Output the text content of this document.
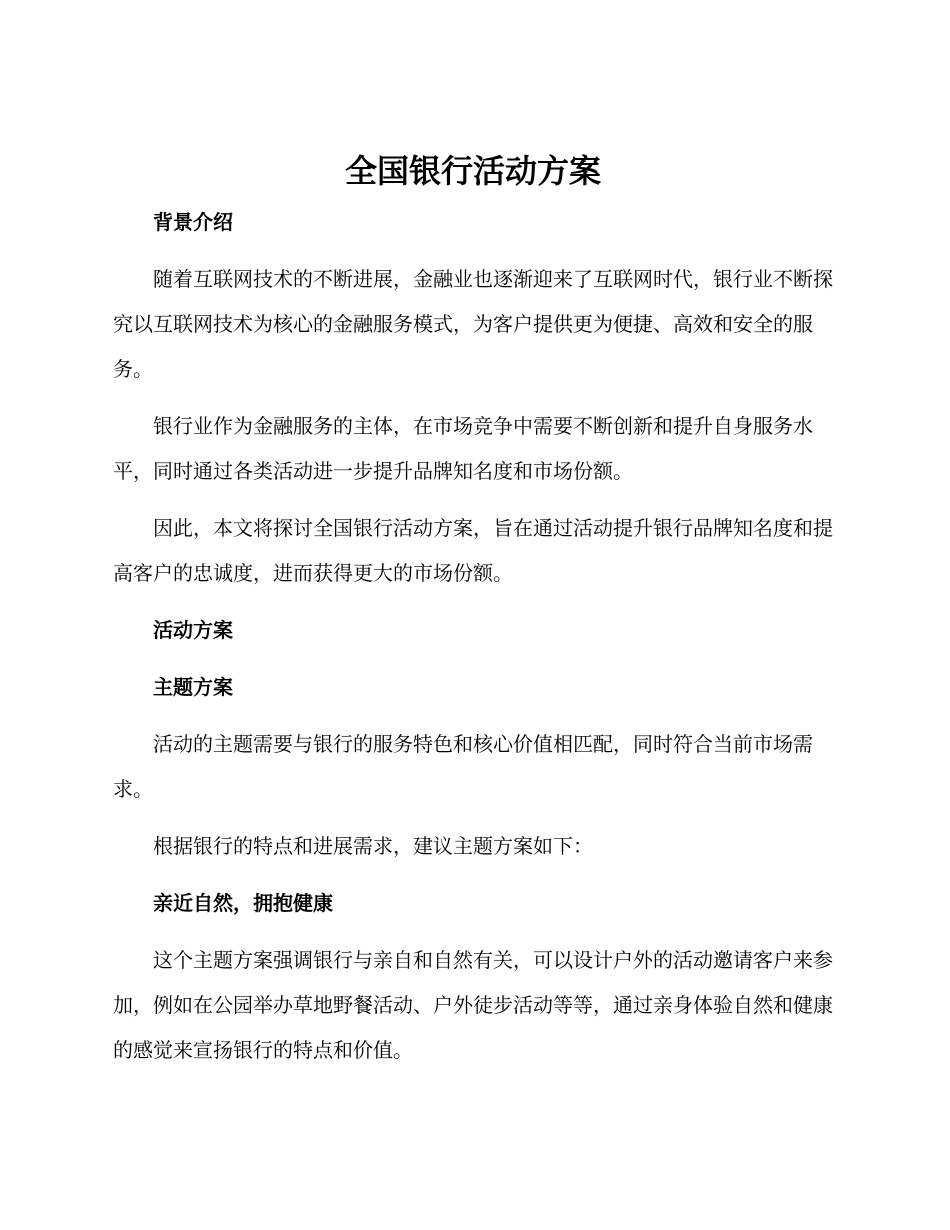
全国银行活动方案

背景介绍

随着互联网技术的不断进展，金融业也逐渐迎来了互联网时代，银行业不断探究以互联网技术为核心的金融服务模式，为客户提供更为便捷、高效和安全的服务。

银行业作为金融服务的主体，在市场竞争中需要不断创新和提升自身服务水平，同时通过各类活动进一步提升品牌知名度和市场份额。

因此，本文将探讨全国银行活动方案，旨在通过活动提升银行品牌知名度和提高客户的忠诚度，进而获得更大的市场份额。

活动方案

主题方案

活动的主题需要与银行的服务特色和核心价值相匹配，同时符合当前市场需求。

根据银行的特点和进展需求，建议主题方案如下：

亲近自然，拥抱健康

这个主题方案强调银行与亲自和自然有关，可以设计户外的活动邀请客户来参加，例如在公园举办草地野餐活动、户外徒步活动等等，通过亲身体验自然和健康的感觉来宣扬银行的特点和价值。
